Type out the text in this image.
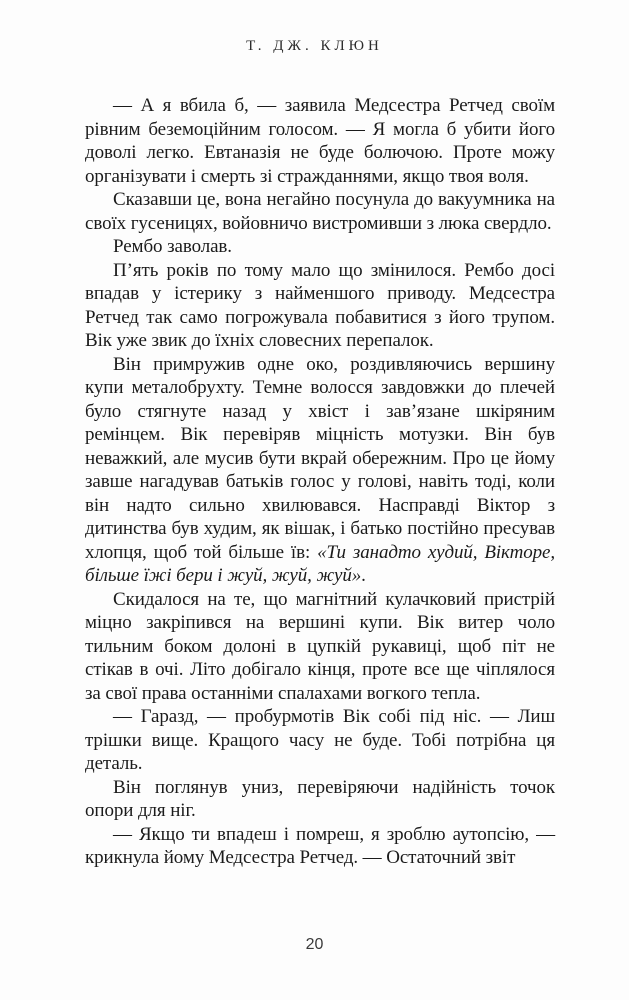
Т. ДЖ. КЛЮН

— А я вбила б, — заявила Медсестра Ретчед своїм рівним беземоційним голосом. — Я могла б убити його доволі легко. Евтаназія не буде болючою. Проте можу організувати і смерть зі стражданнями, якщо твоя воля.

Сказавши це, вона негайно посунула до вакуумника на своїх гусеницях, войовничо вистромивши з люка свердло.

Рембо заволав.

П’ять років по тому мало що змінилося. Рембо досі впадав у істерику з найменшого приводу. Медсестра Ретчед так само погрожувала побавитися з його трупом. Вік уже звик до їхніх словесних перепалок.

Він примружив одне око, роздивляючись вершину купи металобрухту. Темне волосся завдовжки до плечей було стягнуте назад у хвіст і зав’язане шкіряним ремінцем. Вік перевіряв міцність мотузки. Він був неважкий, але мусив бути вкрай обережним. Про це йому завше нагадував батьків голос у голові, навіть тоді, коли він надто сильно хвилювався. Насправді Віктор з дитинства був худим, як вішак, і батько постійно пресував хлопця, щоб той більше їв: «Ти занадто худий, Вікторе, більше їжі бери і жуй, жуй, жуй».

Скидалося на те, що магнітний кулачковий пристрій міцно закріпився на вершині купи. Вік витер чоло тильним боком долоні в цупкій рукавиці, щоб піт не стікав в очі. Літо добігало кінця, проте все ще чіплялося за свої права останніми спалахами вогкого тепла.

— Гаразд, — пробурмотів Вік собі під ніс. — Лиш трішки вище. Кращого часу не буде. Тобі потрібна ця деталь.

Він поглянув униз, перевіряючи надійність точок опори для ніг.

— Якщо ти впадеш і помреш, я зроблю аутопсію, — крикнула йому Медсестра Ретчед. — Остаточний звіт

20
